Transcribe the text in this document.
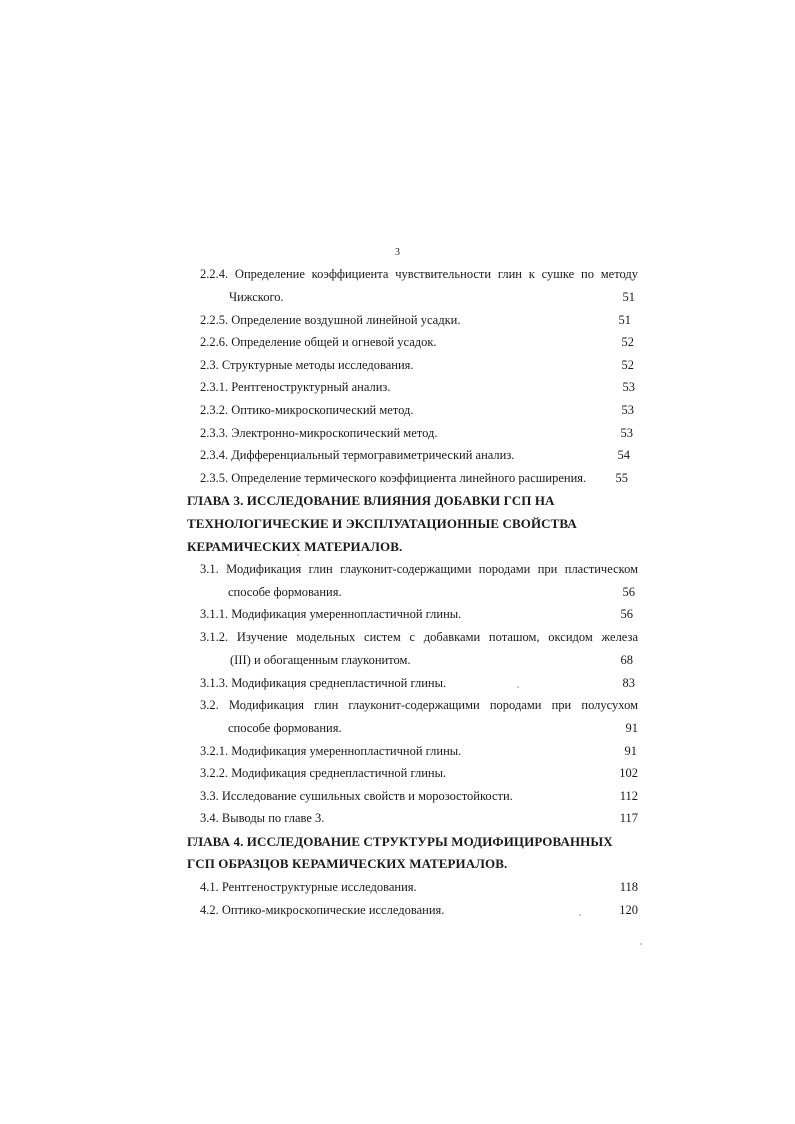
3
2.2.4. Определение коэффициента чувствительности глин к сушке по методу
Чижского.	51
2.2.5. Определение воздушной линейной усадки.	51
2.2.6. Определение общей и огневой усадок.	52
2.3. Структурные методы исследования.	52
2.3.1. Рентгеноструктурный анализ.	53
2.3.2. Оптико-микроскопический метод.	53
2.3.3. Электронно-микроскопический метод.	53
2.3.4. Дифференциальный термогравиметрический анализ.	54
2.3.5. Определение термического коэффициента линейного расширения.	55
ГЛАВА 3. ИССЛЕДОВАНИЕ ВЛИЯНИЯ ДОБАВКИ ГСП НА
ТЕХНОЛОГИЧЕСКИЕ И ЭКСПЛУАТАЦИОННЫЕ СВОЙСТВА
КЕРАМИЧЕСКИХ МАТЕРИАЛОВ.
3.1. Модификация глин глауконит-содержащими породами при пластическом
способе формования.	56
3.1.1. Модификация умереннопластичной глины.	56
3.1.2. Изучение модельных систем с добавками поташом, оксидом железа
(III) и обогащенным глауконитом.	68
3.1.3. Модификация среднепластичной глины.	83
3.2. Модификация глин глауконит-содержащими породами при полусухом
способе формования.	91
3.2.1. Модификация умереннопластичной глины.	91
3.2.2. Модификация среднепластичной глины.	102
3.3. Исследование сушильных свойств и морозостойкости.	112
3.4. Выводы по главе 3.	117
ГЛАВА 4. ИССЛЕДОВАНИЕ СТРУКТУРЫ МОДИФИЦИРОВАННЫХ
ГСП ОБРАЗЦОВ КЕРАМИЧЕСКИХ МАТЕРИАЛОВ.
4.1. Рентгеноструктурные исследования.	118
4.2. Оптико-микроскопические исследования.	120
